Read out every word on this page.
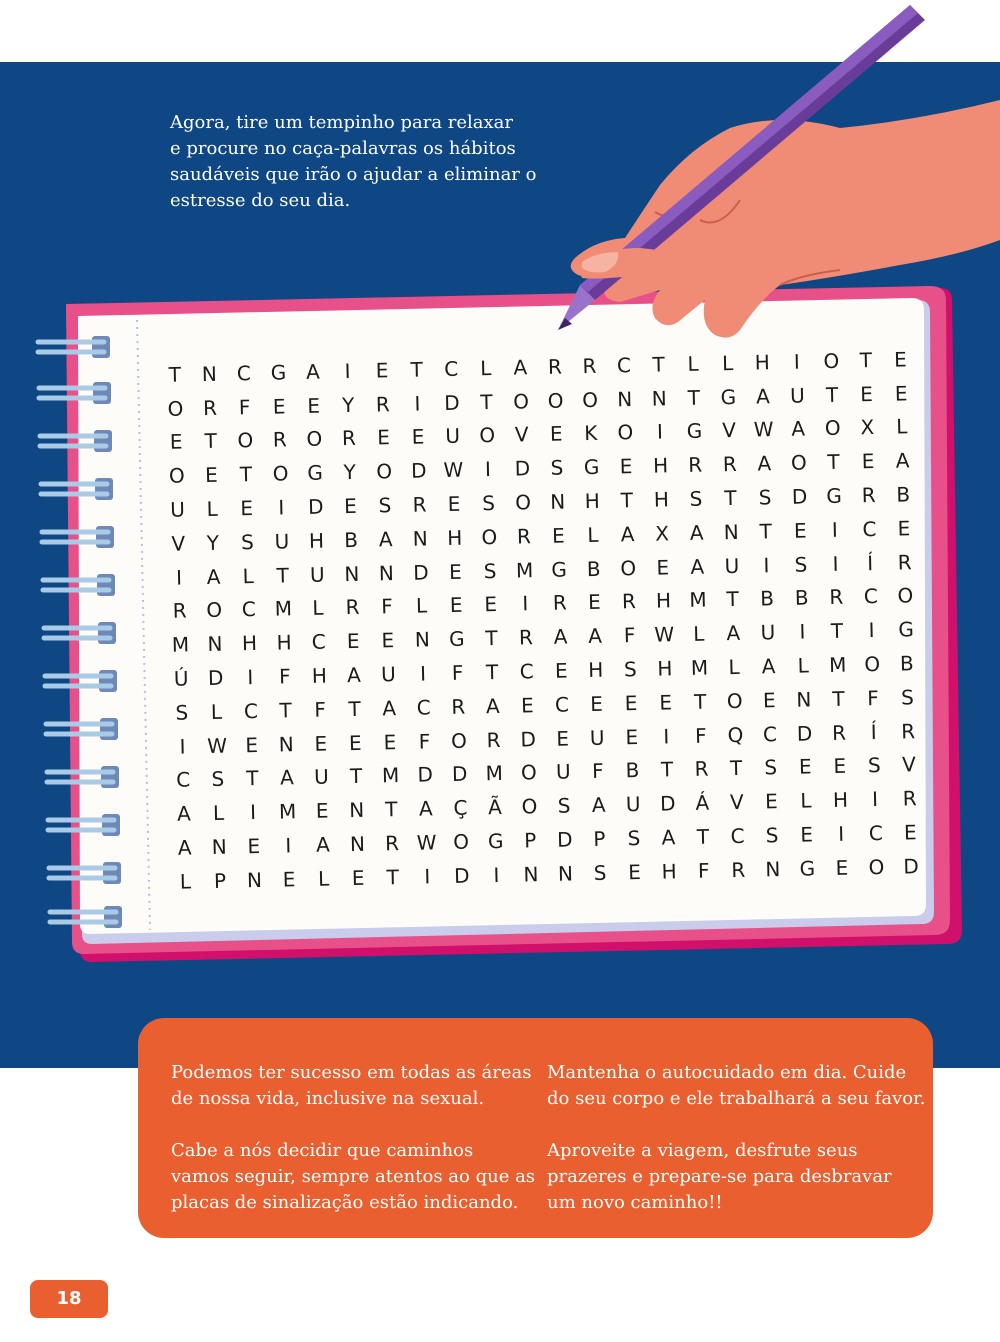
Agora, tire um tempinho para relaxar
e procure no caça-palavras os hábitos
saudáveis que irão o ajudar a eliminar o
estresse do seu dia.
T	N C G A	I	E	T	C	L	A	R	R	C	T	L	L	H	I	O	T	E
O R	F	E	E	Y	R	I	D	T	O O O N N	T	G A U	T	E	E
E	T	O R O R	E	E	U O V	E	K O	I	G V W A O X	L
O E	T	O G	Y	O D W	I	D S G E	H R	R	A O	T	E	A
U	L	E	I	D	E	S	R	E	S O N H	T	H	S	T	S	D G R	B
V	Y	S	U H B	A N H O R	E	L	A	X	A N	T	E	I	C	E
I	A	L	T	U N N D	E	S M G B O E	A U	I	S	I	Í	R
R O C M L	R	F	L	E	E	I	R	E	R H M T	B	B	R	C O
M N H H C	E	E	N G	T	R	A	A	F W L	A U	I	T	I	G
Ú D	I	F	H A U	I	F	T	C	E	H	S	H M L	A	L M O B
S	L	C	T	F	T	A	C	R	A	E	C	E	E	E	T	O E	N	T	F	S
I	W E	N	E	E	E	F	O R D	E	U	E	I	F	Q C D R	Í	R
C	S	T	A U	T M D D M O U	F	B	T	R	T	S	E	E	S	V
A	L	I	M E	N	T	A	Ç	Ã O S	A U D Á	V	E	L	H	I	R
A N	E	I	A N R W O G	P	D	P	S	A	T	C	S	E	I	C	E
L	P	N	E	L	E	T	I	D	I	N N	S	E	H	F	R N G E O D

Podemos ter sucesso em todas as áreas
de nossa vida, inclusive na sexual.

Cabe a nós decidir que caminhos
vamos seguir, sempre atentos ao que as
placas de sinalização estão indicando.

Mantenha o autocuidado em dia. Cuide
do seu corpo e ele trabalhará a seu favor.

Aproveite a viagem, desfrute seus
prazeres e prepare-se para desbravar
um novo caminho!!

18
